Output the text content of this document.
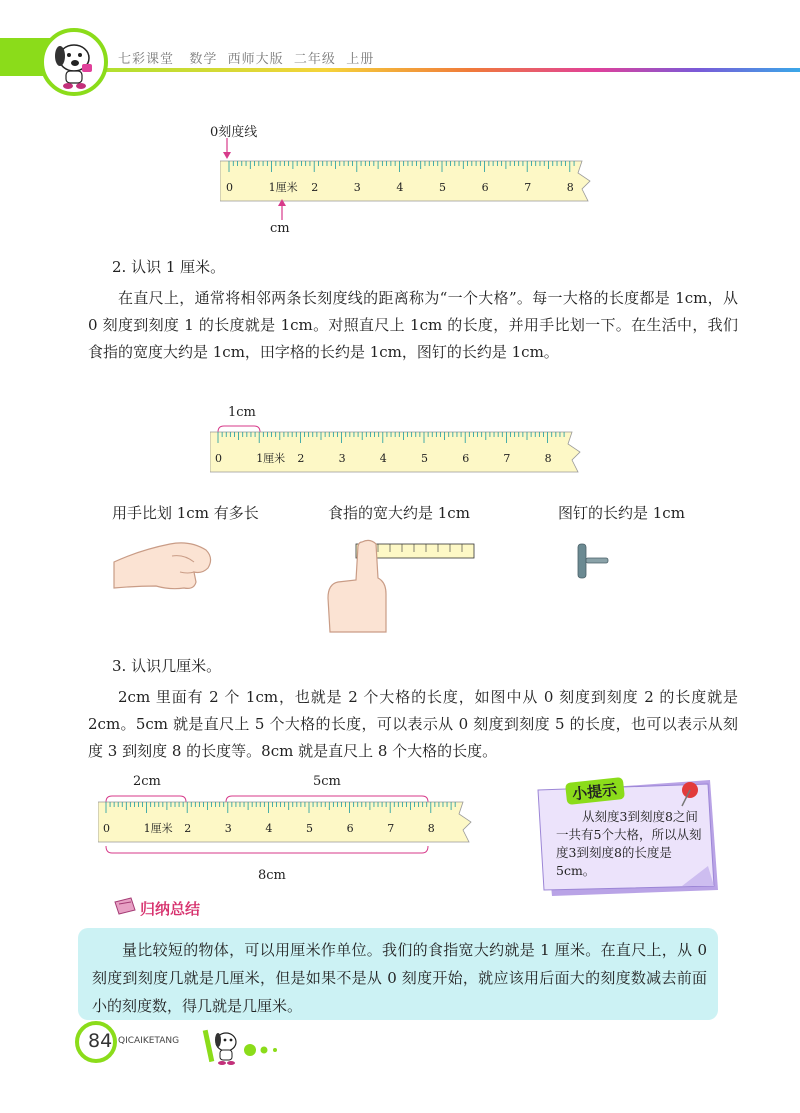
七彩课堂   数学  西师大版  二年级  上册
0刻度线
0	1厘米 2	3	4	5	6	7	8
cm
2. 认识 1 厘米。
在直尺上，通常将相邻两条长刻度线的距离称为“一个大格”。每一大格的长度都是 1cm，从 0 刻度到刻度 1 的长度就是 1cm。对照直尺上 1cm 的长度，并用手比划一下。在生活中，我们食指的宽度大约是 1cm，田字格的长约是 1cm，图钉的长约是 1cm。
1cm
0	1厘米 2	3	4	5	6	7	8
用手比划 1cm 有多长	食指的宽大约是 1cm	图钉的长约是 1cm
3. 认识几厘米。
2cm 里面有 2 个 1cm，也就是 2 个大格的长度，如图中从 0 刻度到刻度 2 的长度就是 2cm。5cm 就是直尺上 5 个大格的长度，可以表示从 0 刻度到刻度 5 的长度，也可以表示从刻度 3 到刻度 8 的长度等。8cm 就是直尺上 8 个大格的长度。
2cm	5cm
0	1厘米 2	3	4	5	6	7	8
8cm
小提示
从刻度3到刻度8之间一共有5个大格，所以从刻度3到刻度8的长度是5cm。
归纳总结
量比较短的物体，可以用厘米作单位。我们的食指宽大约就是 1 厘米。在直尺上，从 0 刻度到刻度几就是几厘米，但是如果不是从 0 刻度开始，就应该用后面大的刻度数减去前面小的刻度数，得几就是几厘米。
84 QICAIKETANG
